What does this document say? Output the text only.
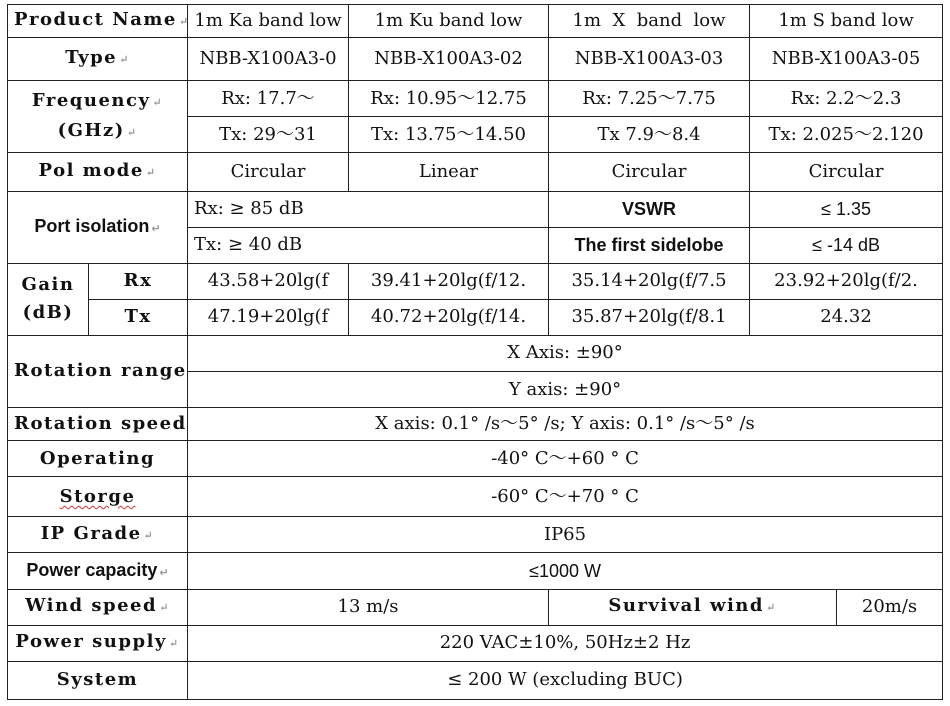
Product Name ↵		1m Ka band low	1m Ku band low	1m  X  band  low	1m S band low	
Type ↵		NBB-X100A3-0	NBB-X100A3-02	NBB-X100A3-03	NBB-X100A3-05	
Frequency ↵
(GHz) ↵		Rx: 17.7～	Rx: 10.95～12.75	Rx: 7.25～7.75	Rx: 2.2～2.3	
		Tx: 29～31	Tx: 13.75～14.50	Tx 7.9～8.4	Tx: 2.025～2.120	
Pol mode ↵		Circular	Linear	Circular	Circular	
Port isolation ↵		Rx: ≥ 85 dB		VSWR	≤ 1.35	
		Tx: ≥ 40 dB		The first sidelobe	≤ -14 dB	
Gain
(dB)	Rx	43.58+20lg(f	39.41+20lg(f/12.	35.14+20lg(f/7.5	23.92+20lg(f/2.	
	Tx	47.19+20lg(f	40.72+20lg(f/14.	35.87+20lg(f/8.1	24.32	
Rotation range		X Axis: ±90°				
		Y axis: ±90°				
Rotation speed		X axis: 0.1° /s～5° /s; Y axis: 0.1° /s～5° /s				
Operating		-40° C～+60 ° C				
Storge		-60° C～+70 ° C				
IP Grade ↵		IP65				
Power capacity ↵		≤1000 W				
Wind speed ↵		13 m/s		Survival wind ↵		20m/s
Power supply ↵		220 VAC±10%, 50Hz±2 Hz				
System		≤ 200 W (excluding BUC)				
